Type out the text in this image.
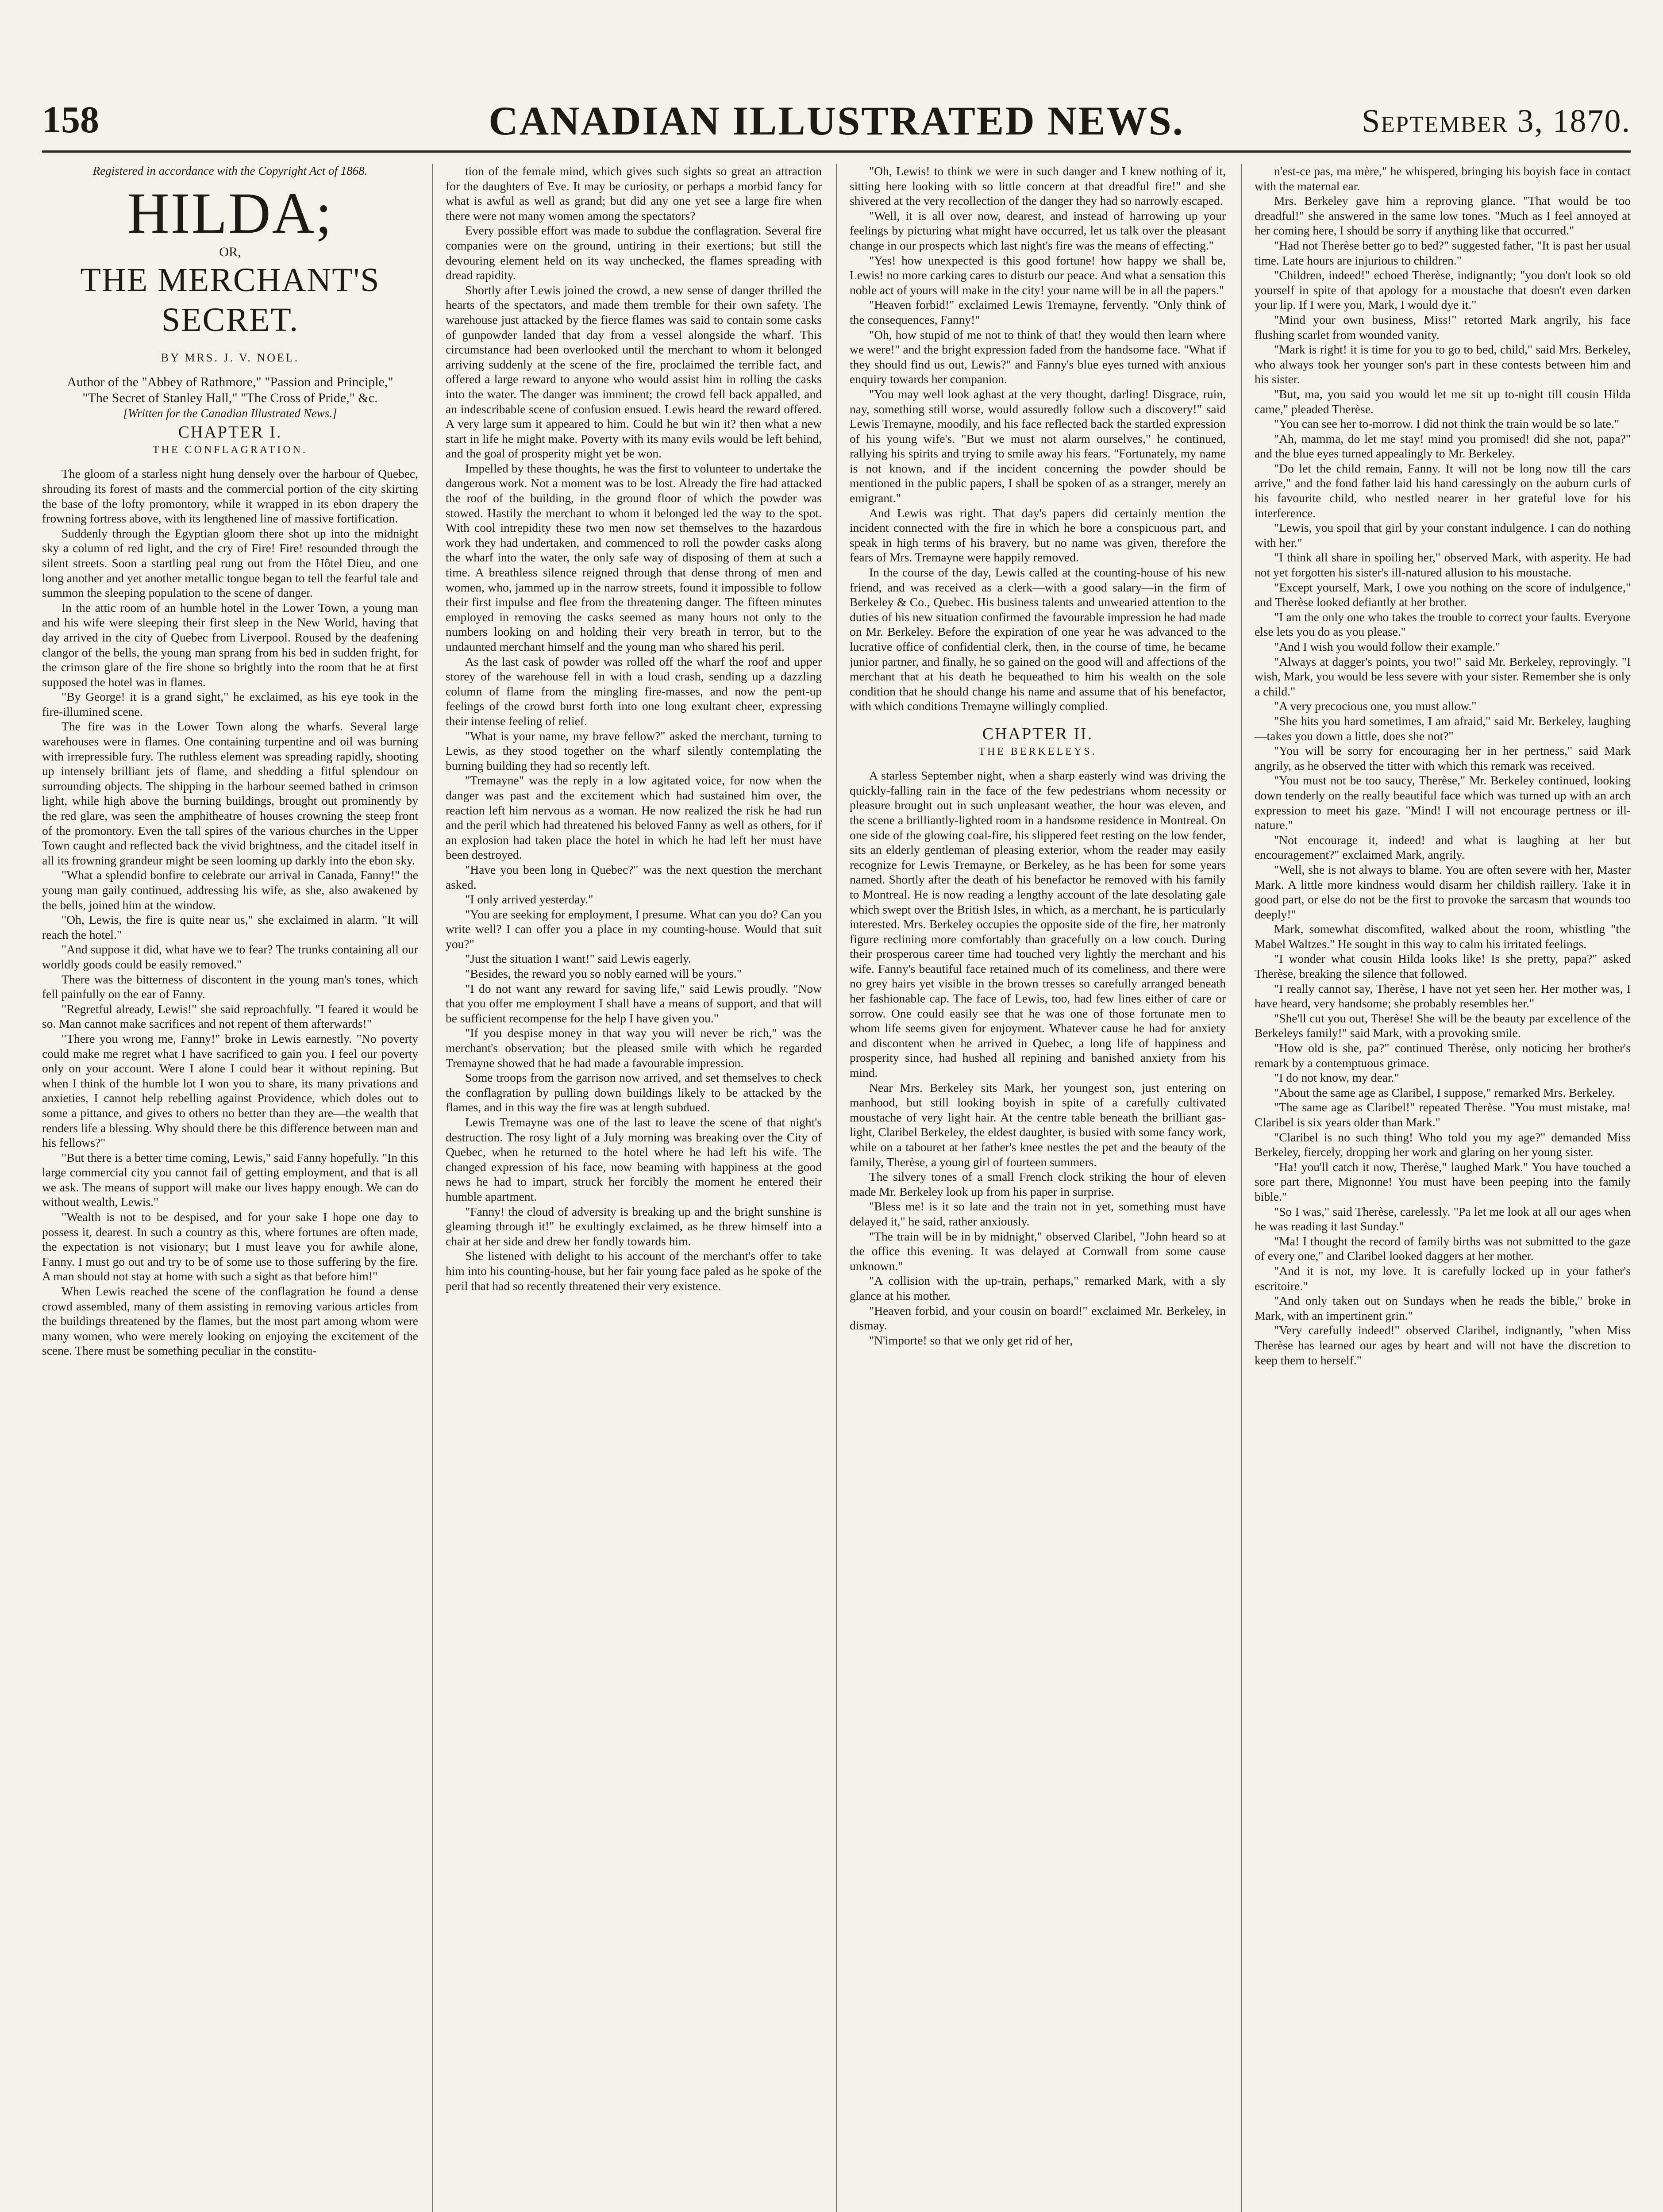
158	CANADIAN ILLUSTRATED NEWS.	September 3, 1870.

Registered in accordance with the Copyright Act of 1868.

HILDA;
OR,
THE MERCHANT'S SECRET.
BY MRS. J. V. NOEL.

Author of the "Abbey of Rathmore," "Passion and Principle," "The Secret of Stanley Hall," "The Cross of Pride," &c.

[Written for the Canadian Illustrated News.]

CHAPTER I.
THE CONFLAGRATION.

The gloom of a starless night hung densely over the harbour of Quebec, shrouding its forest of masts and the commercial portion of the city skirting the base of the lofty promontory, while it wrapped in its ebon drapery the frowning fortress above, with its lengthened line of massive fortification.

Suddenly through the Egyptian gloom there shot up into the midnight sky a column of red light, and the cry of Fire! Fire! resounded through the silent streets. Soon a startling peal rung out from the Hôtel Dieu, and one long another and yet another metallic tongue began to tell the fearful tale and summon the sleeping population to the scene of danger.

In the attic room of an humble hotel in the Lower Town, a young man and his wife were sleeping their first sleep in the New World, having that day arrived in the city of Quebec from Liverpool. Roused by the deafening clangor of the bells, the young man sprang from his bed in sudden fright, for the crimson glare of the fire shone so brightly into the room that he at first supposed the hotel was in flames.

"By George! it is a grand sight," he exclaimed, as his eye took in the fire-illumined scene.

The fire was in the Lower Town along the wharfs. Several large warehouses were in flames. One containing turpentine and oil was burning with irrepressible fury. The ruthless element was spreading rapidly, shooting up intensely brilliant jets of flame, and shedding a fitful splendour on surrounding objects. The shipping in the harbour seemed bathed in crimson light, while high above the burning buildings, brought out prominently by the red glare, was seen the amphitheatre of houses crowning the steep front of the promontory. Even the tall spires of the various churches in the Upper Town caught and reflected back the vivid brightness, and the citadel itself in all its frowning grandeur might be seen looming up darkly into the ebon sky.

"What a splendid bonfire to celebrate our arrival in Canada, Fanny!" the young man gaily continued, addressing his wife, as she, also awakened by the bells, joined him at the window.

"Oh, Lewis, the fire is quite near us," she exclaimed in alarm. "It will reach the hotel."

"And suppose it did, what have we to fear? The trunks containing all our worldly goods could be easily removed."

There was the bitterness of discontent in the young man's tones, which fell painfully on the ear of Fanny.

"Regretful already, Lewis!" she said reproachfully. "I feared it would be so. Man cannot make sacrifices and not repent of them afterwards!"

"There you wrong me, Fanny!" broke in Lewis earnestly. "No poverty could make me regret what I have sacrificed to gain you. I feel our poverty only on your account. Were I alone I could bear it without repining. But when I think of the humble lot I won you to share, its many privations and anxieties, I cannot help rebelling against Providence, which doles out to some a pittance, and gives to others no better than they are—the wealth that renders life a blessing. Why should there be this difference between man and his fellows?"

"But there is a better time coming, Lewis," said Fanny hopefully. "In this large commercial city you cannot fail of getting employment, and that is all we ask. The means of support will make our lives happy enough. We can do without wealth, Lewis."

"Wealth is not to be despised, and for your sake I hope one day to possess it, dearest. In such a country as this, where fortunes are often made, the expectation is not visionary; but I must leave you for awhile alone, Fanny. I must go out and try to be of some use to those suffering by the fire. A man should not stay at home with such a sight as that before him!"

When Lewis reached the scene of the conflagration he found a dense crowd assembled, many of them assisting in removing various articles from the buildings threatened by the flames, but the most part among whom were many women, who were merely looking on enjoying the excitement of the scene. There must be something peculiar in the constitu-

tion of the female mind, which gives such sights so great an attraction for the daughters of Eve. It may be curiosity, or perhaps a morbid fancy for what is awful as well as grand; but did any one yet see a large fire when there were not many women among the spectators?

Every possible effort was made to subdue the conflagration. Several fire companies were on the ground, untiring in their exertions; but still the devouring element held on its way unchecked, the flames spreading with dread rapidity.

Shortly after Lewis joined the crowd, a new sense of danger thrilled the hearts of the spectators, and made them tremble for their own safety. The warehouse just attacked by the fierce flames was said to contain some casks of gunpowder landed that day from a vessel alongside the wharf. This circumstance had been overlooked until the merchant to whom it belonged arriving suddenly at the scene of the fire, proclaimed the terrible fact, and offered a large reward to anyone who would assist him in rolling the casks into the water. The danger was imminent; the crowd fell back appalled, and an indescribable scene of confusion ensued. Lewis heard the reward offered. A very large sum it appeared to him. Could he but win it? then what a new start in life he might make. Poverty with its many evils would be left behind, and the goal of prosperity might yet be won.

Impelled by these thoughts, he was the first to volunteer to undertake the dangerous work. Not a moment was to be lost. Already the fire had attacked the roof of the building, in the ground floor of which the powder was stowed. Hastily the merchant to whom it belonged led the way to the spot. With cool intrepidity these two men now set themselves to the hazardous work they had undertaken, and commenced to roll the powder casks along the wharf into the water, the only safe way of disposing of them at such a time. A breathless silence reigned through that dense throng of men and women, who, jammed up in the narrow streets, found it impossible to follow their first impulse and flee from the threatening danger. The fifteen minutes employed in removing the casks seemed as many hours not only to the numbers looking on and holding their very breath in terror, but to the undaunted merchant himself and the young man who shared his peril.

As the last cask of powder was rolled off the wharf the roof and upper storey of the warehouse fell in with a loud crash, sending up a dazzling column of flame from the mingling fire-masses, and now the pent-up feelings of the crowd burst forth into one long exultant cheer, expressing their intense feeling of relief.

"What is your name, my brave fellow?" asked the merchant, turning to Lewis, as they stood together on the wharf silently contemplating the burning building they had so recently left.

"Tremayne" was the reply in a low agitated voice, for now when the danger was past and the excitement which had sustained him over, the reaction left him nervous as a woman. He now realized the risk he had run and the peril which had threatened his beloved Fanny as well as others, for if an explosion had taken place the hotel in which he had left her must have been destroyed.

"Have you been long in Quebec?" was the next question the merchant asked.

"I only arrived yesterday."

"You are seeking for employment, I presume. What can you do? Can you write well? I can offer you a place in my counting-house. Would that suit you?"

"Just the situation I want!" said Lewis eagerly.

"Besides, the reward you so nobly earned will be yours."

"I do not want any reward for saving life," said Lewis proudly. "Now that you offer me employment I shall have a means of support, and that will be sufficient recompense for the help I have given you."

"If you despise money in that way you will never be rich," was the merchant's observation; but the pleased smile with which he regarded Tremayne showed that he had made a favourable impression.

Some troops from the garrison now arrived, and set themselves to check the conflagration by pulling down buildings likely to be attacked by the flames, and in this way the fire was at length subdued.

Lewis Tremayne was one of the last to leave the scene of that night's destruction. The rosy light of a July morning was breaking over the City of Quebec, when he returned to the hotel where he had left his wife. The changed expression of his face, now beaming with happiness at the good news he had to impart, struck her forcibly the moment he entered their humble apartment.

"Fanny! the cloud of adversity is breaking up and the bright sunshine is gleaming through it!" he exultingly exclaimed, as he threw himself into a chair at her side and drew her fondly towards him.

She listened with delight to his account of the merchant's offer to take him into his counting-house, but her fair young face paled as he spoke of the peril that had so recently threatened their very existence.

"Oh, Lewis! to think we were in such danger and I knew nothing of it, sitting here looking with so little concern at that dreadful fire!" and she shivered at the very recollection of the danger they had so narrowly escaped.

"Well, it is all over now, dearest, and instead of harrowing up your feelings by picturing what might have occurred, let us talk over the pleasant change in our prospects which last night's fire was the means of effecting."

"Yes! how unexpected is this good fortune! how happy we shall be, Lewis! no more carking cares to disturb our peace. And what a sensation this noble act of yours will make in the city! your name will be in all the papers."

"Heaven forbid!" exclaimed Lewis Tremayne, fervently. "Only think of the consequences, Fanny!"

"Oh, how stupid of me not to think of that! they would then learn where we were!" and the bright expression faded from the handsome face. "What if they should find us out, Lewis?" and Fanny's blue eyes turned with anxious enquiry towards her companion.

"You may well look aghast at the very thought, darling! Disgrace, ruin, nay, something still worse, would assuredly follow such a discovery!" said Lewis Tremayne, moodily, and his face reflected back the startled expression of his young wife's. "But we must not alarm ourselves," he continued, rallying his spirits and trying to smile away his fears. "Fortunately, my name is not known, and if the incident concerning the powder should be mentioned in the public papers, I shall be spoken of as a stranger, merely an emigrant."

And Lewis was right. That day's papers did certainly mention the incident connected with the fire in which he bore a conspicuous part, and speak in high terms of his bravery, but no name was given, therefore the fears of Mrs. Tremayne were happily removed.

In the course of the day, Lewis called at the counting-house of his new friend, and was received as a clerk—with a good salary—in the firm of Berkeley & Co., Quebec. His business talents and unwearied attention to the duties of his new situation confirmed the favourable impression he had made on Mr. Berkeley. Before the expiration of one year he was advanced to the lucrative office of confidential clerk, then, in the course of time, he became junior partner, and finally, he so gained on the good will and affections of the merchant that at his death he bequeathed to him his wealth on the sole condition that he should change his name and assume that of his benefactor, with which conditions Tremayne willingly complied.

CHAPTER II.
THE BERKELEYS.

A starless September night, when a sharp easterly wind was driving the quickly-falling rain in the face of the few pedestrians whom necessity or pleasure brought out in such unpleasant weather, the hour was eleven, and the scene a brilliantly-lighted room in a handsome residence in Montreal. On one side of the glowing coal-fire, his slippered feet resting on the low fender, sits an elderly gentleman of pleasing exterior, whom the reader may easily recognize for Lewis Tremayne, or Berkeley, as he has been for some years named. Shortly after the death of his benefactor he removed with his family to Montreal. He is now reading a lengthy account of the late desolating gale which swept over the British Isles, in which, as a merchant, he is particularly interested. Mrs. Berkeley occupies the opposite side of the fire, her matronly figure reclining more comfortably than gracefully on a low couch. During their prosperous career time had touched very lightly the merchant and his wife. Fanny's beautiful face retained much of its comeliness, and there were no grey hairs yet visible in the brown tresses so carefully arranged beneath her fashionable cap. The face of Lewis, too, had few lines either of care or sorrow. One could easily see that he was one of those fortunate men to whom life seems given for enjoyment. Whatever cause he had for anxiety and discontent when he arrived in Quebec, a long life of happiness and prosperity since, had hushed all repining and banished anxiety from his mind.

Near Mrs. Berkeley sits Mark, her youngest son, just entering on manhood, but still looking boyish in spite of a carefully cultivated moustache of very light hair. At the centre table beneath the brilliant gas-light, Claribel Berkeley, the eldest daughter, is busied with some fancy work, while on a tabouret at her father's knee nestles the pet and the beauty of the family, Therèse, a young girl of fourteen summers.

The silvery tones of a small French clock striking the hour of eleven made Mr. Berkeley look up from his paper in surprise.

"Bless me! is it so late and the train not in yet, something must have delayed it," he said, rather anxiously.

"The train will be in by midnight," observed Claribel, "John heard so at the office this evening. It was delayed at Cornwall from some cause unknown."

"A collision with the up-train, perhaps," remarked Mark, with a sly glance at his mother.

"Heaven forbid, and your cousin on board!" exclaimed Mr. Berkeley, in dismay.

"N'importe! so that we only get rid of her,

n'est-ce pas, ma mère," he whispered, bringing his boyish face in contact with the maternal ear.

Mrs. Berkeley gave him a reproving glance. "That would be too dreadful!" she answered in the same low tones. "Much as I feel annoyed at her coming here, I should be sorry if anything like that occurred."

"Had not Therèse better go to bed?" suggested father, "It is past her usual time. Late hours are injurious to children."

"Children, indeed!" echoed Therèse, indignantly; "you don't look so old yourself in spite of that apology for a moustache that doesn't even darken your lip. If I were you, Mark, I would dye it."

"Mind your own business, Miss!" retorted Mark angrily, his face flushing scarlet from wounded vanity.

"Mark is right! it is time for you to go to bed, child," said Mrs. Berkeley, who always took her younger son's part in these contests between him and his sister.

"But, ma, you said you would let me sit up to-night till cousin Hilda came," pleaded Therèse.

"You can see her to-morrow. I did not think the train would be so late."

"Ah, mamma, do let me stay! mind you promised! did she not, papa?" and the blue eyes turned appealingly to Mr. Berkeley.

"Do let the child remain, Fanny. It will not be long now till the cars arrive," and the fond father laid his hand caressingly on the auburn curls of his favourite child, who nestled nearer in her grateful love for his interference.

"Lewis, you spoil that girl by your constant indulgence. I can do nothing with her."

"I think all share in spoiling her," observed Mark, with asperity. He had not yet forgotten his sister's ill-natured allusion to his moustache.

"Except yourself, Mark, I owe you nothing on the score of indulgence," and Therèse looked defiantly at her brother.

"I am the only one who takes the trouble to correct your faults. Everyone else lets you do as you please."

"And I wish you would follow their example."

"Always at dagger's points, you two!" said Mr. Berkeley, reprovingly. "I wish, Mark, you would be less severe with your sister. Remember she is only a child."

"A very precocious one, you must allow."

"She hits you hard sometimes, I am afraid," said Mr. Berkeley, laughing—takes you down a little, does she not?"

"You will be sorry for encouraging her in her pertness," said Mark angrily, as he observed the titter with which this remark was received.

"You must not be too saucy, Therèse," Mr. Berkeley continued, looking down tenderly on the really beautiful face which was turned up with an arch expression to meet his gaze. "Mind! I will not encourage pertness or ill-nature."

"Not encourage it, indeed! and what is laughing at her but encouragement?" exclaimed Mark, angrily.

"Well, she is not always to blame. You are often severe with her, Master Mark. A little more kindness would disarm her childish raillery. Take it in good part, or else do not be the first to provoke the sarcasm that wounds too deeply!"

Mark, somewhat discomfited, walked about the room, whistling "the Mabel Waltzes." He sought in this way to calm his irritated feelings.

"I wonder what cousin Hilda looks like! Is she pretty, papa?" asked Therèse, breaking the silence that followed.

"I really cannot say, Therèse, I have not yet seen her. Her mother was, I have heard, very handsome; she probably resembles her."

"She'll cut you out, Therèse! She will be the beauty par excellence of the Berkeleys family!" said Mark, with a provoking smile.

"How old is she, pa?" continued Therèse, only noticing her brother's remark by a contemptuous grimace.

"I do not know, my dear."

"About the same age as Claribel, I suppose," remarked Mrs. Berkeley.

"The same age as Claribel!" repeated Therèse. "You must mistake, ma! Claribel is six years older than Mark."

"Claribel is no such thing! Who told you my age?" demanded Miss Berkeley, fiercely, dropping her work and glaring on her young sister.

"Ha! you'll catch it now, Therèse," laughed Mark." You have touched a sore part there, Mignonne! You must have been peeping into the family bible."

"So I was," said Therèse, carelessly. "Pa let me look at all our ages when he was reading it last Sunday."

"Ma! I thought the record of family births was not submitted to the gaze of every one," and Claribel looked daggers at her mother.

"And it is not, my love. It is carefully locked up in your father's escritoire."

"And only taken out on Sundays when he reads the bible," broke in Mark, with an impertinent grin."

"Very carefully indeed!" observed Claribel, indignantly, "when Miss Therèse has learned our ages by heart and will not have the discretion to keep them to herself."
